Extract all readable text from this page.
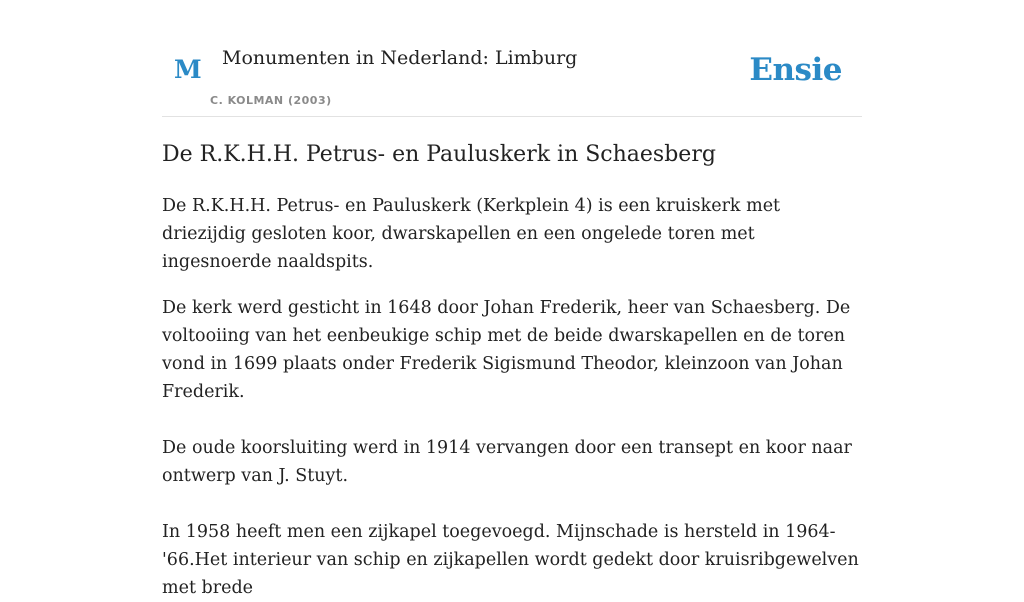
M Monumenten in Nederland: Limburg
C. KOLMAN (2003)
Ensie
De R.K.H.H. Petrus- en Pauluskerk in Schaesberg

De R.K.H.H. Petrus- en Pauluskerk (Kerkplein 4) is een kruiskerk met driezijdig gesloten koor, dwarskapellen en een ongelede toren met ingesnoerde naaldspits.

De kerk werd gesticht in 1648 door Johan Frederik, heer van Schaesberg. De voltooiing van het eenbeukige schip met de beide dwarskapellen en de toren vond in 1699 plaats onder Frederik Sigismund Theodor, kleinzoon van Johan Frederik.

De oude koorsluiting werd in 1914 vervangen door een transept en koor naar ontwerp van J. Stuyt.

In 1958 heeft men een zijkapel toegevoegd. Mijnschade is hersteld in 1964-'66.Het interieur van schip en zijkapellen wordt gedekt door kruisribgewelven met brede
